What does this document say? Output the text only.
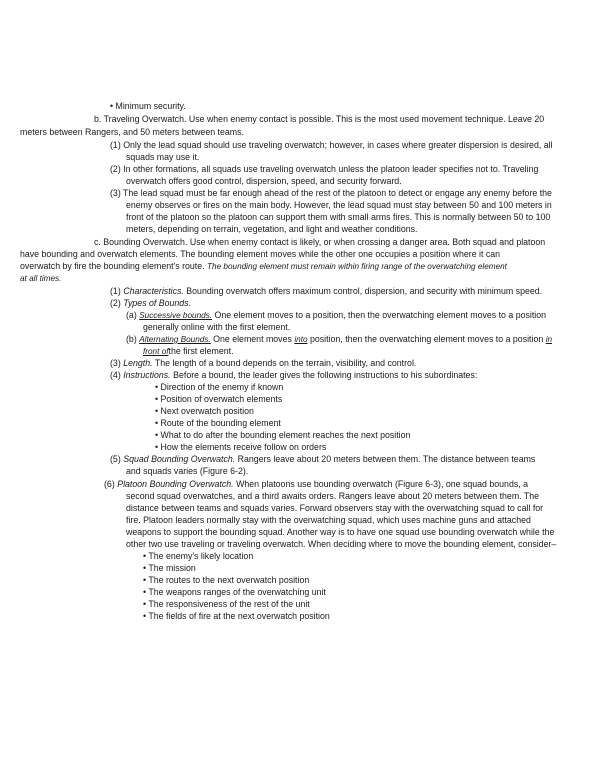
• Minimum security.
b. Traveling Overwatch. Use when enemy contact is possible. This is the most used movement technique. Leave 20
meters between Rangers, and 50 meters between teams.
(1) Only the lead squad should use traveling overwatch; however, in cases where greater dispersion is desired, all
squads may use it.
(2) In other formations, all squads use traveling overwatch unless the platoon leader specifies not to. Traveling
overwatch offers good control, dispersion, speed, and security forward.
(3) The lead squad must be far enough ahead of the rest of the platoon to detect or engage any enemy before the
enemy observes or fires on the main body. However, the lead squad must stay between 50 and 100 meters in
front of the platoon so the platoon can support them with small arms fires. This is normally between 50 to 100
meters, depending on terrain, vegetation, and light and weather conditions.
c. Bounding Overwatch. Use when enemy contact is likely, or when crossing a danger area. Both squad and platoon
have bounding and overwatch elements. The bounding element moves while the other one occupies a position where it can
overwatch by fire the bounding element's route. The bounding element must remain within firing range of the overwatching element
at all times.
(1) Characteristics. Bounding overwatch offers maximum control, dispersion, and security with minimum speed.
(2) Types of Bounds.
(a) Successive bounds. One element moves to a position, then the overwatching element moves to a position
generally online with the first element.
(b) Alternating Bounds. One element moves into position, then the overwatching element moves to a position in
front ofthe first element.
(3) Length. The length of a bound depends on the terrain, visibility, and control.
(4) Instructions. Before a bound, the leader gives the following instructions to his subordinates:
• Direction of the enemy if known
• Position of overwatch elements
• Next overwatch position
• Route of the bounding element
• What to do after the bounding element reaches the next position
• How the elements receive follow on orders
(5) Squad Bounding Overwatch. Rangers leave about 20 meters between them. The distance between teams
and squads varies (Figure 6-2).
(6) Platoon Bounding Overwatch. When platoons use bounding overwatch (Figure 6-3), one squad bounds, a
second squad overwatches, and a third awaits orders. Rangers leave about 20 meters between them. The
distance between teams and squads varies. Forward observers stay with the overwatching squad to call for
fire. Platoon leaders normally stay with the overwatching squad, which uses machine guns and attached
weapons to support the bounding squad. Another way is to have one squad use bounding overwatch while the
other two use traveling or traveling overwatch. When deciding where to move the bounding element, consider–
• The enemy's likely location
• The mission
• The routes to the next overwatch position
• The weapons ranges of the overwatching unit
• The responsiveness of the rest of the unit
• The fields of fire at the next overwatch position
